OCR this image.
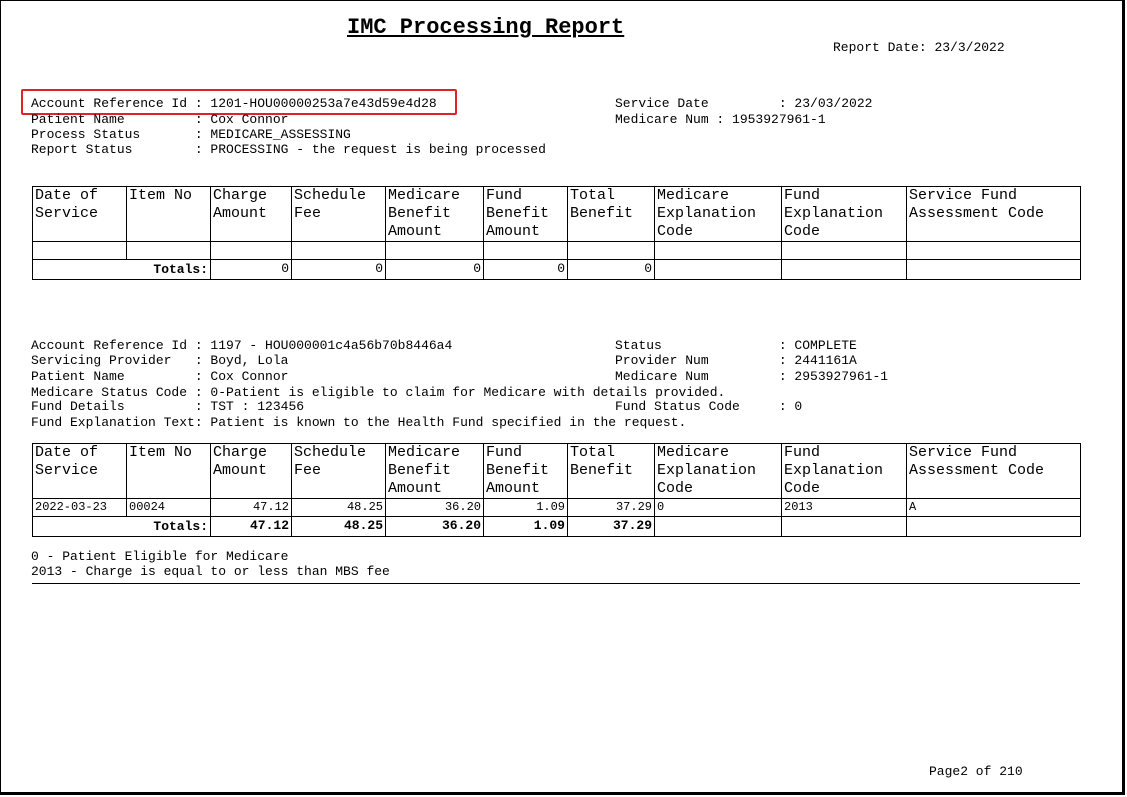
IMC Processing Report
Report Date: 23/3/2022
Account Reference Id : 1201-HOU00000253a7e43d59e4d28
Patient Name         : Cox Connor
Process Status       : MEDICARE_ASSESSING
Report Status        : PROCESSING - the request is being processed
Service Date         : 23/03/2022
Medicare Num : 1953927961-1
Date of Service	Item No	Charge Amount	Schedule Fee	Medicare Benefit Amount	Fund Benefit Amount	Total Benefit	Medicare Explanation Code	Fund Explanation Code	Service Fund Assessment Code

Totals:		0	0	0	0	0			
Account Reference Id : 1197 - HOU000001c4a56b70b8446a4
Servicing Provider   : Boyd, Lola
Patient Name         : Cox Connor
Medicare Status Code : 0-Patient is eligible to claim for Medicare with details provided.
Fund Details         : TST : 123456
Fund Explanation Text: Patient is known to the Health Fund specified in the request.
Status               : COMPLETE
Provider Num         : 2441161A
Medicare Num         : 2953927961-1
Fund Status Code     : 0
Date of Service	Item No	Charge Amount	Schedule Fee	Medicare Benefit Amount	Fund Benefit Amount	Total Benefit	Medicare Explanation Code	Fund Explanation Code	Service Fund Assessment Code
2022-03-23	00024	47.12	48.25	36.20	1.09	37.29	0	2013	A
Totals:		47.12	48.25	36.20	1.09	37.29			
0 - Patient Eligible for Medicare
2013 - Charge is equal to or less than MBS fee
Page2 of 210
